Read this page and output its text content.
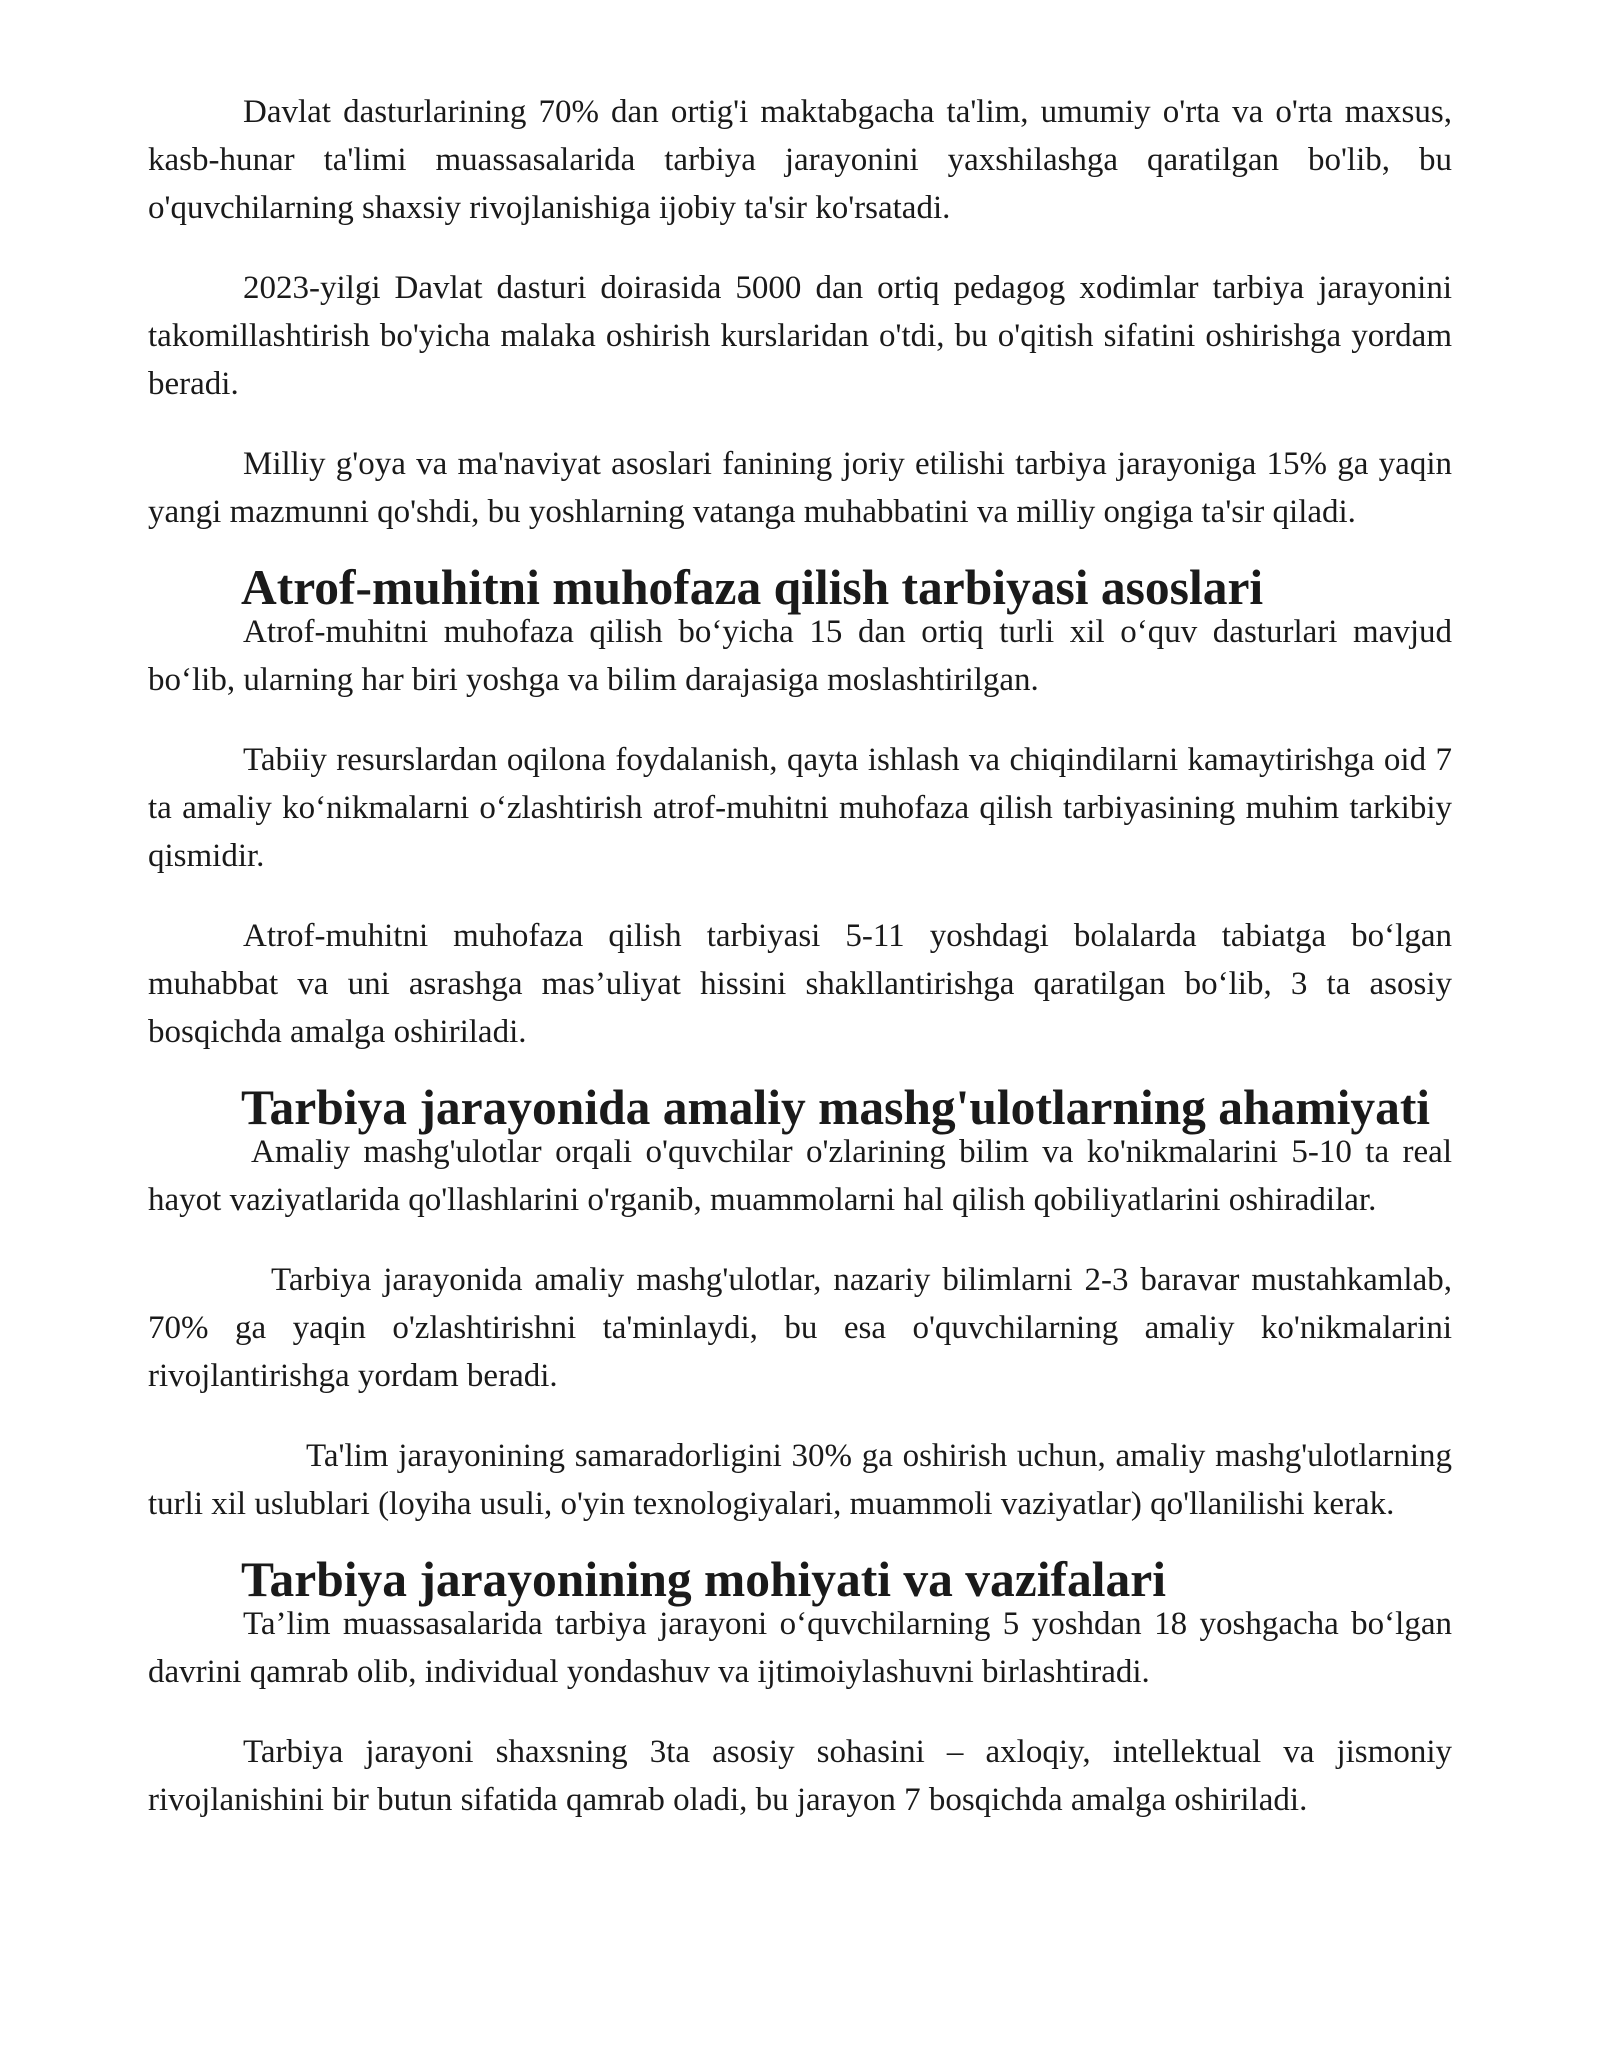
Davlat dasturlarining 70% dan ortig'i maktabgacha ta'lim, umumiy o'rta va o'rta maxsus, kasb-hunar ta'limi muassasalarida tarbiya jarayonini yaxshilashga qaratilgan bo'lib, bu o'quvchilarning shaxsiy rivojlanishiga ijobiy ta'sir ko'rsatadi.

2023-yilgi Davlat dasturi doirasida 5000 dan ortiq pedagog xodimlar tarbiya jarayonini takomillashtirish bo'yicha malaka oshirish kurslaridan o'tdi, bu o'qitish sifatini oshirishga yordam beradi.

Milliy g'oya va ma'naviyat asoslari fanining joriy etilishi tarbiya jarayoniga 15% ga yaqin yangi mazmunni qo'shdi, bu yoshlarning vatanga muhabbatini va milliy ongiga ta'sir qiladi.

Atrof-muhitni muhofaza qilish tarbiyasi asoslari

Atrof-muhitni muhofaza qilish bo‘yicha 15 dan ortiq turli xil o‘quv dasturlari mavjud bo‘lib, ularning har biri yoshga va bilim darajasiga moslashtirilgan.

Tabiiy resurslardan oqilona foydalanish, qayta ishlash va chiqindilarni kamaytirishga oid 7 ta amaliy ko‘nikmalarni o‘zlashtirish atrof-muhitni muhofaza qilish tarbiyasining muhim tarkibiy qismidir.

Atrof-muhitni muhofaza qilish tarbiyasi 5-11 yoshdagi bolalarda tabiatga bo‘lgan muhabbat va uni asrashga mas’uliyat hissini shakllantirishga qaratilgan bo‘lib, 3 ta asosiy bosqichda amalga oshiriladi.

Tarbiya jarayonida amaliy mashg'ulotlarning ahamiyati

Amaliy mashg'ulotlar orqali o'quvchilar o'zlarining bilim va ko'nikmalarini 5-10 ta real hayot vaziyatlarida qo'llashlarini o'rganib, muammolarni hal qilish qobiliyatlarini oshiradilar.

Tarbiya jarayonida amaliy mashg'ulotlar, nazariy bilimlarni 2-3 baravar mustahkamlab, 70% ga yaqin o'zlashtirishni ta'minlaydi, bu esa o'quvchilarning amaliy ko'nikmalarini rivojlantirishga yordam beradi.

Ta'lim jarayonining samaradorligini 30% ga oshirish uchun, amaliy mashg'ulotlarning turli xil uslublari (loyiha usuli, o'yin texnologiyalari, muammoli vaziyatlar) qo'llanilishi kerak.

Tarbiya jarayonining mohiyati va vazifalari

Ta’lim muassasalarida tarbiya jarayoni o‘quvchilarning 5 yoshdan 18 yoshgacha bo‘lgan davrini qamrab olib, individual yondashuv va ijtimoiylashuvni birlashtiradi.

Tarbiya jarayoni shaxsning 3ta asosiy sohasini – axloqiy, intellektual va jismoniy rivojlanishini bir butun sifatida qamrab oladi, bu jarayon 7 bosqichda amalga oshiriladi.
